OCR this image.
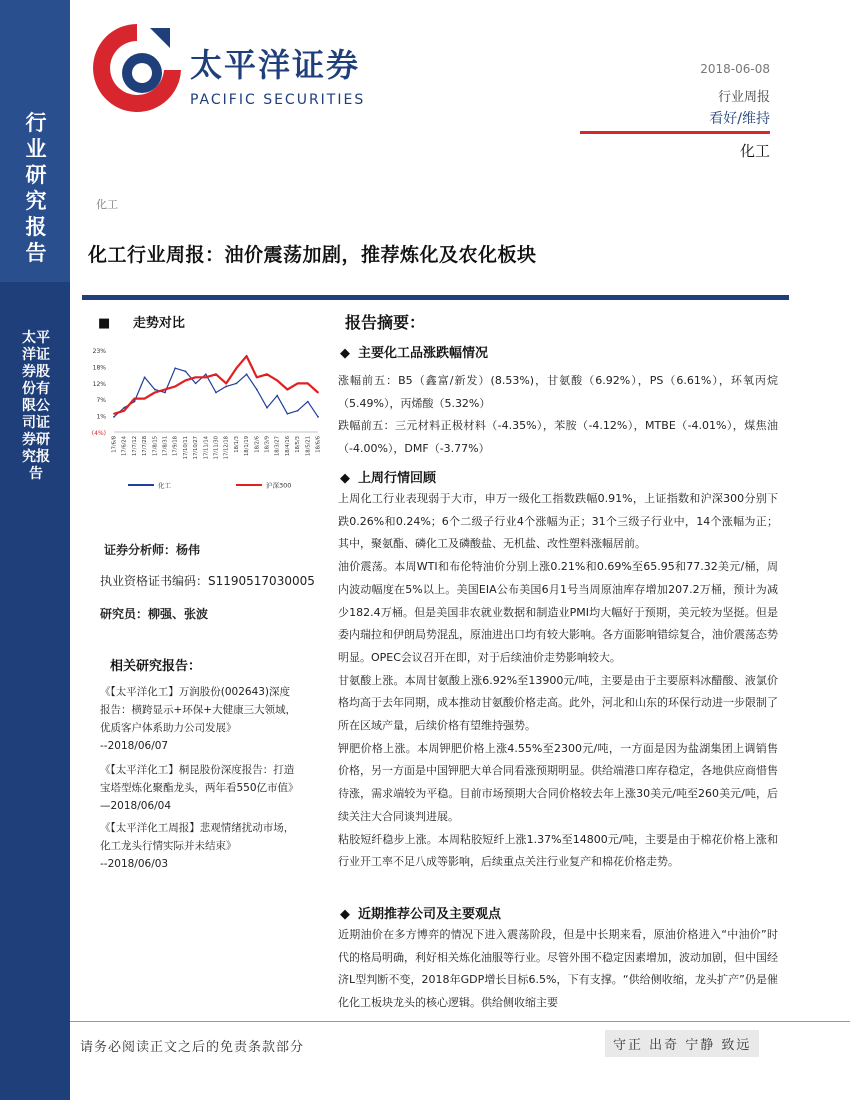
行业研究报告
太平洋证券股份有限公司证券研究报告
太平洋证券
PACIFIC SECURITIES
2018-06-08
行业周报
看好/维持
化工
化工
化工行业周报：油价震荡加剧，推荐炼化及农化板块
■ 走势对比
23%
18%
12%
7%
1%
(4%)
17/6/8 17/6/24 17/7/12 17/7/28 17/8/15 17/8/31 17/9/18 17/10/11 17/10/27 17/11/14 17/11/30 17/12/18 18/1/3 18/1/19 18/2/6 18/3/9 18/3/27 18/4/16 18/5/3 18/5/21 18/6/6
化工	沪深300
证券分析师：杨伟
执业资格证书编码：S1190517030005
研究员：柳强、张波
相关研究报告：

《【太平洋化工】万润股份(002643)深度报告：横跨显示+环保+大健康三大领域，优质客户体系助力公司发展》

--2018/06/07

《【太平洋化工】桐昆股份深度报告：打造宝塔型炼化聚酯龙头，两年看550亿市值》—2018/06/04

《【太平洋化工周报】悲观情绪扰动市场，化工龙头行情实际并未结束》

--2018/06/03

报告摘要：
◆ 主要化工品涨跌幅情况

涨幅前五：B5（鑫富/新发）(8.53%)，甘氨酸（6.92%），PS（6.61%），环氧丙烷（5.49%），丙烯酸（5.32%）

跌幅前五：三元材料正极材料（-4.35%），苯胺（-4.12%），MTBE（-4.01%），煤焦油（-4.00%），DMF（-3.77%）

◆ 上周行情回顾

上周化工行业表现弱于大市，申万一级化工指数跌幅0.91%，上证指数和沪深300分别下跌0.26%和0.24%；6个二级子行业4个涨幅为正；31个三级子行业中，14个涨幅为正；其中，聚氨酯、磷化工及磷酸盐、无机盐、改性塑料涨幅居前。

油价震荡。本周WTI和布伦特油价分别上涨0.21%和0.69%至65.95和77.32美元/桶，周内波动幅度在5%以上。美国EIA公布美国6月1号当周原油库存增加207.2万桶，预计为减少182.4万桶。但是美国非农就业数据和制造业PMI均大幅好于预期，美元较为坚挺。但是委内瑞拉和伊朗局势混乱，原油进出口均有较大影响。各方面影响错综复合，油价震荡态势明显。OPEC会议召开在即，对于后续油价走势影响较大。

甘氨酸上涨。本周甘氨酸上涨6.92%至13900元/吨，主要是由于主要原料冰醋酸、液氯价格均高于去年同期，成本推动甘氨酸价格走高。此外，河北和山东的环保行动进一步限制了所在区域产量，后续价格有望维持强势。

钾肥价格上涨。本周钾肥价格上涨4.55%至2300元/吨，一方面是因为盐湖集团上调销售价格，另一方面是中国钾肥大单合同看涨预期明显。供给端港口库存稳定，各地供应商惜售待涨，需求端较为平稳。目前市场预期大合同价格较去年上涨30美元/吨至260美元/吨，后续关注大合同谈判进展。

粘胶短纤稳步上涨。本周粘胶短纤上涨1.37%至14800元/吨，主要是由于棉花价格上涨和行业开工率不足八成等影响，后续重点关注行业复产和棉花价格走势。

◆ 近期推荐公司及主要观点

近期油价在多方博弈的情况下进入震荡阶段，但是中长期来看，原油价格进入“中油价”时代的格局明确，利好相关炼化油服等行业。尽管外围不稳定因素增加，波动加剧，但中国经济L型判断不变，2018年GDP增长目标6.5%，下有支撑。“供给侧收缩，龙头扩产”仍是催化化工板块龙头的核心逻辑。供给侧收缩主要

请务必阅读正文之后的免责条款部分	守正 出奇 宁静 致远
